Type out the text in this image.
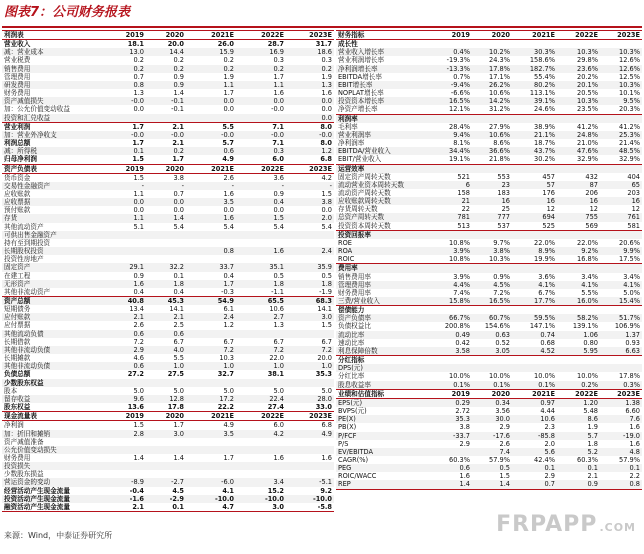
图表7：公司财务报表
利润表	2019	2020	2021E	2022E	2023E
营业收入	18.1	20.0	26.0	28.7	31.7
减：营业成本	13.0	14.4	15.9	16.9	18.6
营业税费	0.2	0.2	0.2	0.3	0.3
销售费用	0.2	0.2	0.2	0.2	0.2
管理费用	0.7	0.9	1.9	1.7	1.9
研发费用	0.8	0.9	1.1	1.1	1.3
财务费用	1.3	1.4	1.7	1.6	1.6
资产减值损失	-0.0	-0.1	0.0	0.0	0.0
加：公允价值变动收益	0.0	-0.1	0.0	-0.0	0.0
投资和汇兑收益					0.0
营业利润	1.7	2.1	5.5	7.1	8.0
加：营业外净收支	-0.0	-0.0	-0.0	-0.0	-0.0
利润总额	1.7	2.1	5.7	7.1	8.0
减：所得税	0.1	0.2	0.6	0.3	1.2
归母净利润	1.5	1.7	4.9	6.0	6.8
资产负债表	2019	2020	2021E	2022E	2023E
货币资金	1.5	3.8	2.6	3.6	4.2
交易性金融资产	-	-	-	-	-
应收账款	1.1	0.7	1.6	0.9	1.5
应收票据	0.0	0.0	3.5	0.4	3.8
预付账款	0.0	0.0	0.0	0.0	0.0
存货	1.1	1.4	1.6	1.5	2.0
其他流动资产	5.1	5.4	5.4	5.4	5.4
可供出售金融资产					
持有至到期投资					
长期股权投资			0.8	1.6	2.4
投资性房地产					
固定资产	29.1	32.2	33.7	35.1	35.9
在建工程	0.9	0.1	0.4	0.5	0.5
无形资产	1.6	1.8	1.7	1.8	1.8
其他非流动资产	0.4	0.4	-0.3	-1.1	-1.9
资产总额	40.8	45.3	54.9	65.5	68.3
短期债务	13.4	14.1	6.1	10.6	14.1
应付账款	2.1	2.1	2.4	2.7	3.0
应付票据	2.6	2.5	1.2	1.3	1.5
其他流动负债	0.6	0.6			
长期借款	7.2	6.7	6.7	6.7	6.7
其他非流动负债	2.9	4.0	7.2	7.2	7.2
长期摊款	4.6	5.5	10.3	22.0	20.0
其他非流动负债	0.6	1.0	1.0	1.0	1.0
负债总额	27.2	27.5	32.7	38.1	35.3
少数股东权益					
股本	5.0	5.0	5.0	5.0	5.0
留存收益	9.6	12.8	17.2	22.4	28.0
股东权益	13.6	17.8	22.2	27.4	33.0
现金流量表	2019	2020	2021E	2022E	2023E
净利润	1.5	1.7	4.9	6.0	6.8
加：折旧和摊销	2.8	3.0	3.5	4.2	4.9
资产减值准备					
公允价值变动损失					
财务费用	1.4	1.4	1.7	1.6	1.6
投资损失					
少数股东损益					
营运资金的变动	-8.9	-2.7	-6.0	3.4	-5.1
经营活动产生现金流量	-0.4	4.5	4.1	15.2	9.2
投资活动产生现金流量	-1.6	-2.9	-10.0	-10.0	-10.0
融资活动产生现金流量	2.1	0.1	4.7	3.0	-5.8
财务指标	2019	2020	2021E	2022E	2023E
成长性					
营业收入增长率	0.4%	10.2%	30.3%	10.3%	10.3%
营业利润增长率	-19.3%	24.3%	158.6%	29.8%	12.6%
净利润增长率	-13.3%	17.8%	182.7%	23.6%	12.6%
EBITDA增长率	0.7%	17.1%	55.4%	20.2%	12.5%
EBIT增长率	-9.4%	26.2%	80.2%	20.1%	10.3%
NOPLAT增长率	-6.6%	10.6%	113.1%	20.5%	10.1%
投资资本增长率	16.5%	14.2%	39.1%	10.3%	9.5%
净资产增长率	12.1%	31.2%	24.6%	23.5%	20.3%
利润率					
毛利率	28.4%	27.9%	38.9%	41.2%	41.2%
营业利润率	9.4%	10.6%	21.1%	24.8%	25.3%
净利润率	8.1%	8.6%	18.7%	21.0%	21.4%
EBITDA/营业收入	34.4%	36.6%	43.7%	47.6%	48.5%
EBIT/营业收入	19.1%	21.8%	30.2%	32.9%	32.9%
运营效率					
固定资产周转天数	521	553	457	432	404
流动营业资本周转天数	6	23	57	87	65
流动资产周转天数	158	183	176	206	203
应收账款周转天数	21	16	16	16	16
存货周转天数	22	25	12	12	12
总资产周转天数	781	777	694	755	761
投资资本周转天数	513	537	525	569	581
投资回报率					
ROE	10.8%	9.7%	22.0%	22.0%	20.6%
ROA	3.9%	3.8%	8.9%	9.2%	9.9%
ROIC	10.8%	10.3%	19.9%	16.8%	17.5%
费用率					
销售费用率	3.9%	0.9%	3.6%	3.4%	3.4%
管理费用率	4.4%	4.5%	4.1%	4.1%	4.1%
财务费用率	7.4%	7.2%	6.7%	5.5%	5.0%
三费/营业收入	15.8%	16.5%	17.7%	16.0%	15.4%
偿债能力					
资产负债率	66.7%	60.7%	59.5%	58.2%	51.7%
负债权益比	200.8%	154.6%	147.1%	139.1%	106.9%
流动比率	0.49	0.63	0.74	1.06	1.37
速动比率	0.42	0.52	0.68	0.80	0.93
利息保障倍数	3.58	3.05	4.52	5.95	6.63
分红指标					
DPS(元)					
分红比率	10.0%	10.0%	10.0%	10.0%	17.8%
股息收益率	0.1%	0.1%	0.1%	0.2%	0.3%
业绩和估值指标	2019	2020	2021E	2022E	2023E
EPS(元)	0.29	0.34	0.97	1.20	1.38
BVPS(元)	2.72	3.56	4.44	5.48	6.60
PE(X)	35.3	30.0	10.6	8.6	7.6
PB(X)	3.8	2.9	2.3	1.9	1.6
P/FCF	-33.7	-17.6	-85.8	5.7	-19.0
P/S	2.9	2.6	2.0	1.8	1.6
EV/EBITDA		7.4	5.6	5.2	4.8
CAGR(%)	60.3%	57.9%	42.4%	60.3%	57.9%
PEG	0.6	0.5	0.1	0.1	0.1
ROIC/WACC	1.6	1.5	2.9	2.1	2.2
REP	1.4	1.4	0.7	0.9	0.8
来源：Wind，中泰证券研究所	FRPAPP .COM
